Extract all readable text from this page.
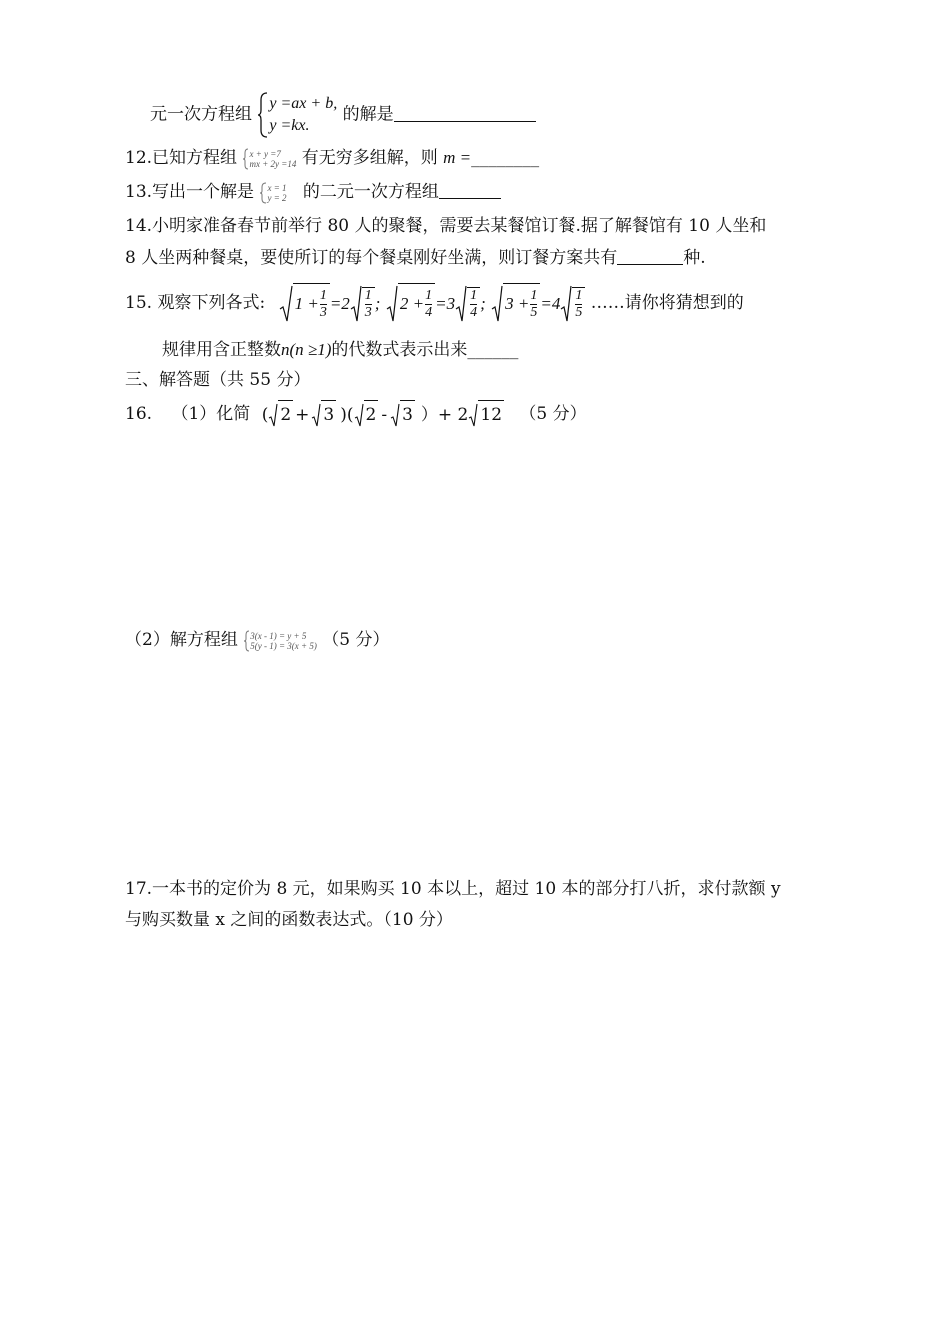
元一次方程组
y =ax + b,
y =kx.
的解是
12.已知方程组 x + y =7
mx + 2y =14 有无穷多组解，则 m =________
13.写出一个解是 x = 1
y = 2 的二元一次方程组
14.小明家准备春节前举行 80 人的聚餐，需要去某餐馆订餐.据了解餐馆有 10 人坐和
8 人坐两种餐桌，要使所订的每个餐桌刚好坐满，则订餐方案共有	种.
15. 观察下列各式: $1 + \frac{1}{3} =2 \frac{1}{3}$ ;
$2 + \frac{1}{4} =3 \frac{1}{4}$ ;
$3 + \frac{1}{5} =4 \frac{1}{5}$ ……请你将猜想到的
规律用含正整数n(n ≥1)的代数式表示出来______
三、解答题（共 55 分）
16. （1）化简 ( 2 + 3 )( 2 - 3 ）+ 2 12 （5 分）
（2）解方程组 3(x - 1) = y + 5
5(y - 1) = 3(x + 5) （5 分）
17.一本书的定价为 8 元，如果购买 10 本以上，超过 10 本的部分打八折，求付款额 y
与购买数量 x 之间的函数表达式。（10 分）
